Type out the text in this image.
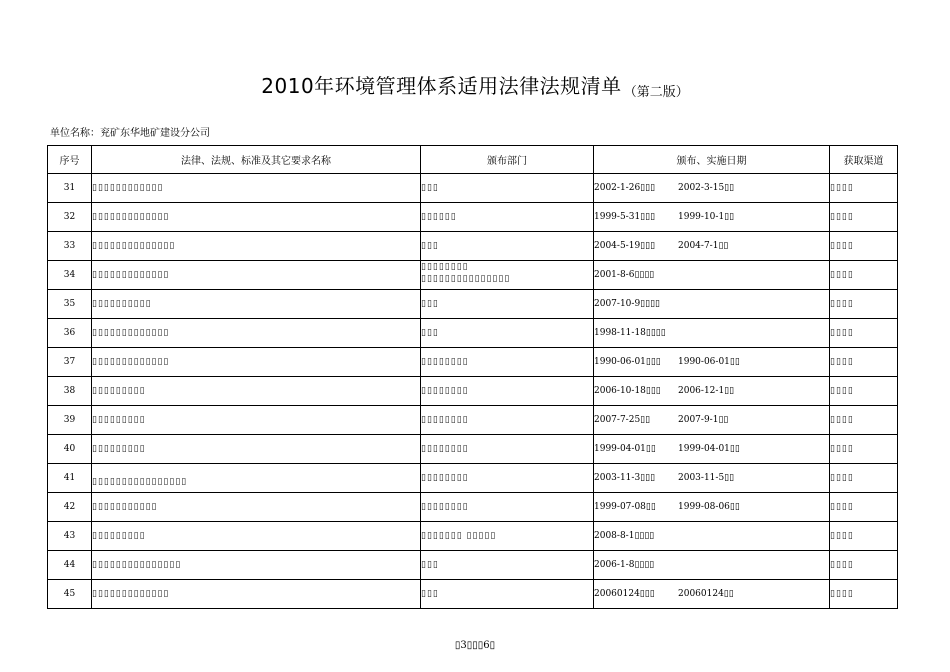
2010年环境管理体系适用法律法规清单 （第二版）
单位名称：兖矿东华地矿建设分公司
序号	法律、法规、标准及其它要求名称	颁布部门	颁布、实施日期	获取渠道
31	▯▯▯▯▯▯▯▯▯▯▯▯	▯▯▯	2002-1-26▯▯▯ 2002-3-15▯▯	▯▯▯▯
32	▯▯▯▯▯▯▯▯▯▯▯▯▯	▯▯▯▯▯▯	1999-5-31▯▯▯ 1999-10-1▯▯	▯▯▯▯
33	▯▯▯▯▯▯▯▯▯▯▯▯▯▯	▯▯▯	2004-5-19▯▯▯ 2004-7-1▯▯	▯▯▯▯
34	▯▯▯▯▯▯▯▯▯▯▯▯▯	▯▯▯▯▯▯▯▯
▯▯▯▯▯▯▯▯▯▯▯▯▯▯▯	2001-8-6▯▯▯▯	▯▯▯▯
35	▯▯▯▯▯▯▯▯▯▯	▯▯▯	2007-10-9▯▯▯▯	▯▯▯▯
36	▯▯▯▯▯▯▯▯▯▯▯▯▯	▯▯▯	1998-11-18▯▯▯▯	▯▯▯▯
37	▯▯▯▯▯▯▯▯▯▯▯▯▯	▯▯▯▯▯▯▯▯	1990-06-01▯▯▯ 1990-06-01▯▯	▯▯▯▯
38	▯▯▯▯▯▯▯▯▯	▯▯▯▯▯▯▯▯	2006-10-18▯▯▯ 2006-12-1▯▯	▯▯▯▯
39	▯▯▯▯▯▯▯▯▯	▯▯▯▯▯▯▯▯	2007-7-25▯▯ 2007-9-1▯▯	▯▯▯▯
40	▯▯▯▯▯▯▯▯▯	▯▯▯▯▯▯▯▯	1999-04-01▯▯ 1999-04-01▯▯	▯▯▯▯
41	▯▯▯▯▯▯▯▯▯▯▯▯▯▯▯▯	▯▯▯▯▯▯▯▯	2003-11-3▯▯▯ 2003-11-5▯▯	▯▯▯▯
42	▯▯▯▯▯▯▯▯▯▯▯	▯▯▯▯▯▯▯▯	1999-07-08▯▯ 1999-08-06▯▯	▯▯▯▯
43	▯▯▯▯▯▯▯▯▯	▯▯▯▯▯▯▯ ▯▯▯▯▯	2008-8-1▯▯▯▯	▯▯▯▯
44	▯▯▯▯▯▯▯▯▯▯▯▯▯▯▯	▯▯▯	2006-1-8▯▯▯▯	▯▯▯▯
45	▯▯▯▯▯▯▯▯▯▯▯▯▯	▯▯▯	20060124▯▯▯ 20060124▯▯	▯▯▯▯
▯3▯▯▯6▯
